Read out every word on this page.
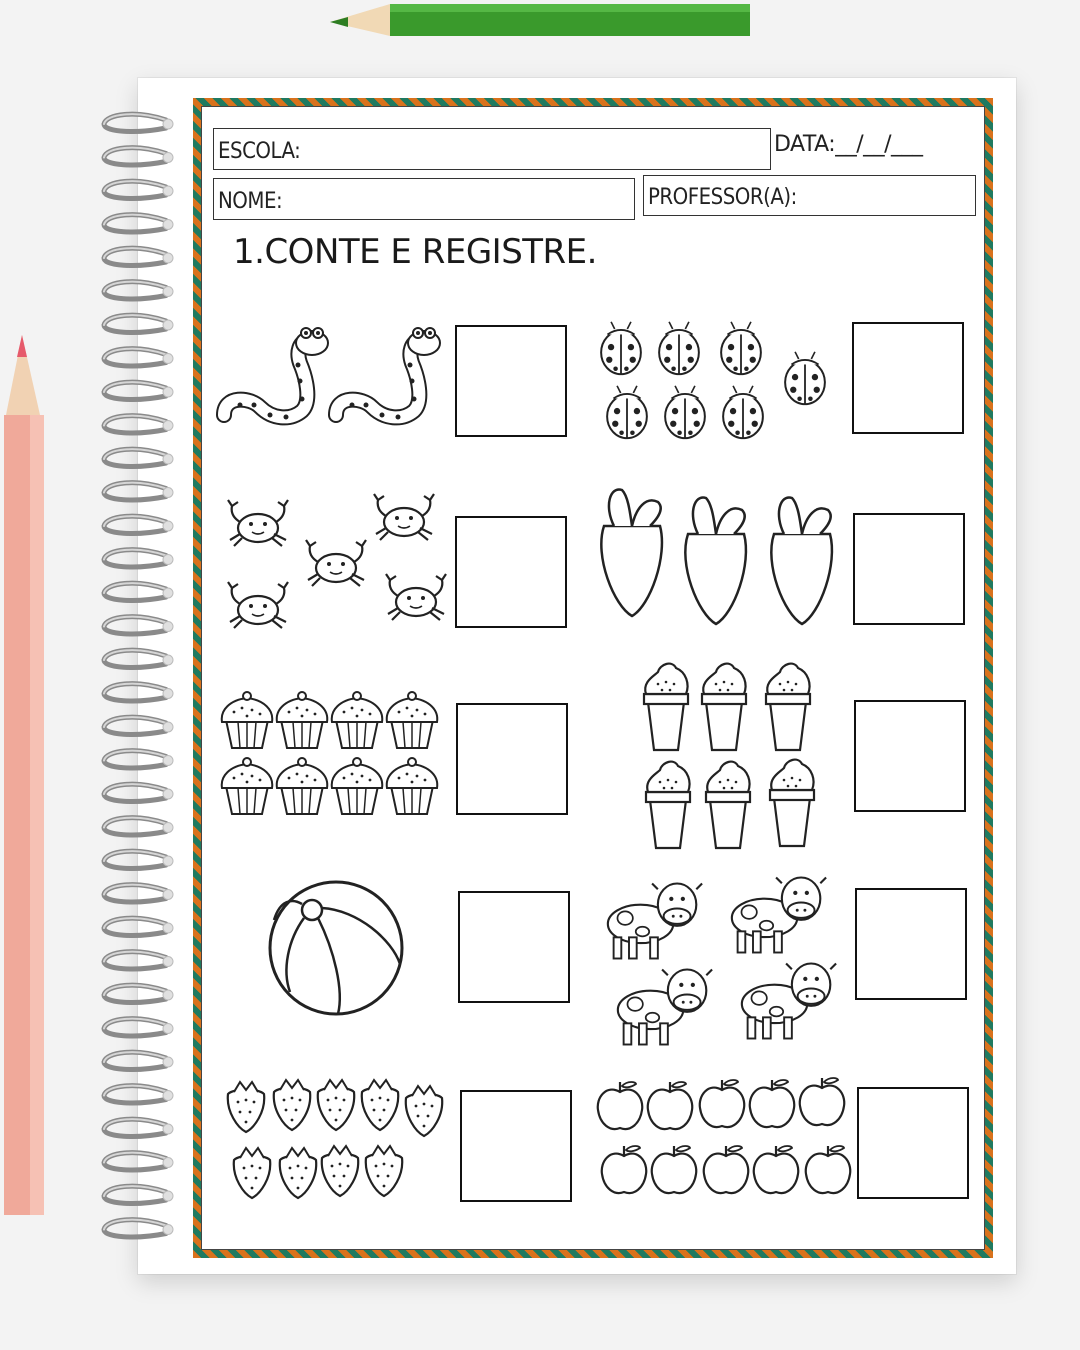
ESCOLA:	DATA:__/__/___
NOME:	PROFESSOR(A):
1.CONTE E REGISTRE.
